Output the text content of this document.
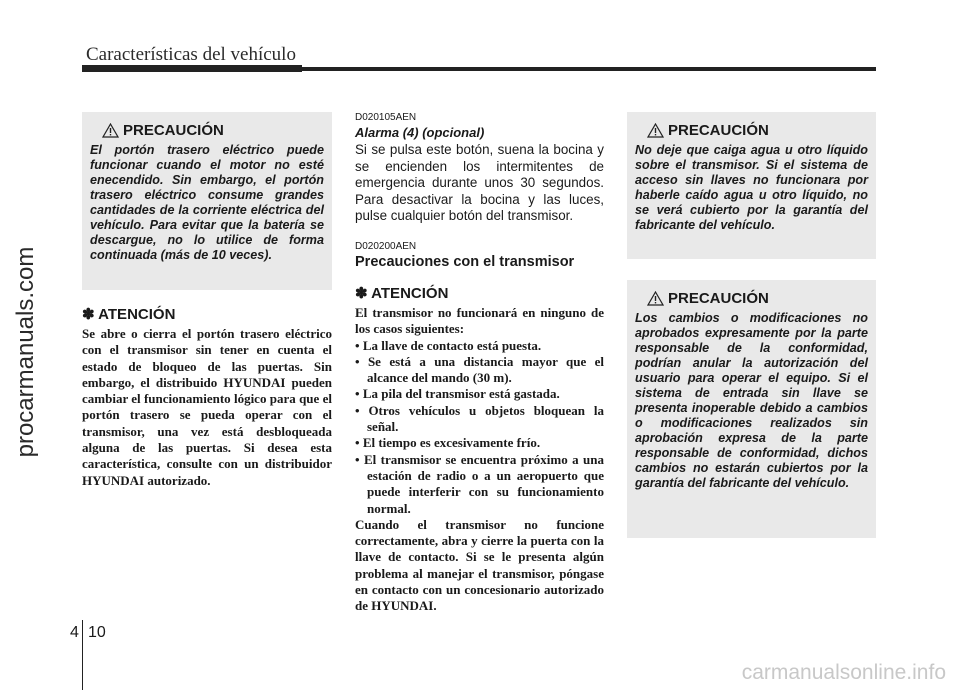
Características del vehículo
procarmanuals.com
PRECAUCIÓN

El portón trasero eléctrico puede funcionar cuando el motor no esté enecendido. Sin embargo, el portón trasero eléctrico consume grandes cantidades de la corriente eléctrica del vehículo. Para evitar que la batería se descargue, no lo utilice de forma continuada (más de 10 veces).

✽ ATENCIÓN

Se abre o cierra el portón trasero eléctrico con el transmisor sin tener en cuenta el estado de bloqueo de las puertas. Sin embargo, el distribuido HYUNDAI pueden cambiar el funcionamiento lógico para que el portón trasero se pueda operar con el transmisor, una vez está desbloqueada alguna de las puertas. Si desea esta característica, consulte con un distribuidor HYUNDAI autorizado.

D020105AEN

Alarma (4) (opcional)

Si se pulsa este botón, suena la bocina y se encienden los intermitentes de emergencia durante unos 30 segundos. Para desactivar la bocina y las luces, pulse cualquier botón del transmisor.

D020200AEN

Precauciones con el transmisor
✽ ATENCIÓN

El transmisor no funcionará en ninguno de los casos siguientes:

• La llave de contacto está puesta.
• Se está a una distancia mayor que el alcance del mando (30 m).
• La pila del transmisor está gastada.
• Otros vehículos u objetos bloquean la señal.
• El tiempo es excesivamente frío.
• El transmisor se encuentra próximo a una estación de radio o a un aeropuerto que puede interferir con su funcionamiento normal.

Cuando el transmisor no funcione correctamente, abra y cierre la puerta con la llave de contacto. Si se le presenta algún problema al manejar el transmisor, póngase en contacto con un concesionario autorizado de HYUNDAI.

PRECAUCIÓN

No deje que caiga agua u otro líquido sobre el transmisor. Si el sistema de acceso sin llaves no funcionara por haberle caído agua u otro líquido, no se verá cubierto por la garantía del fabricante del vehículo.

PRECAUCIÓN

Los cambios o modificaciones no aprobados expresamente por la parte responsable de la conformidad, podrían anular la autorización del usuario para operar el equipo. Si el sistema de entrada sin llave se presenta inoperable debido a cambios o modificaciones realizados sin aprobación expresa de la parte responsable de conformidad, dichos cambios no estarán cubiertos por la garantía del fabricante del vehículo.

4 10
carmanualsonline.info
